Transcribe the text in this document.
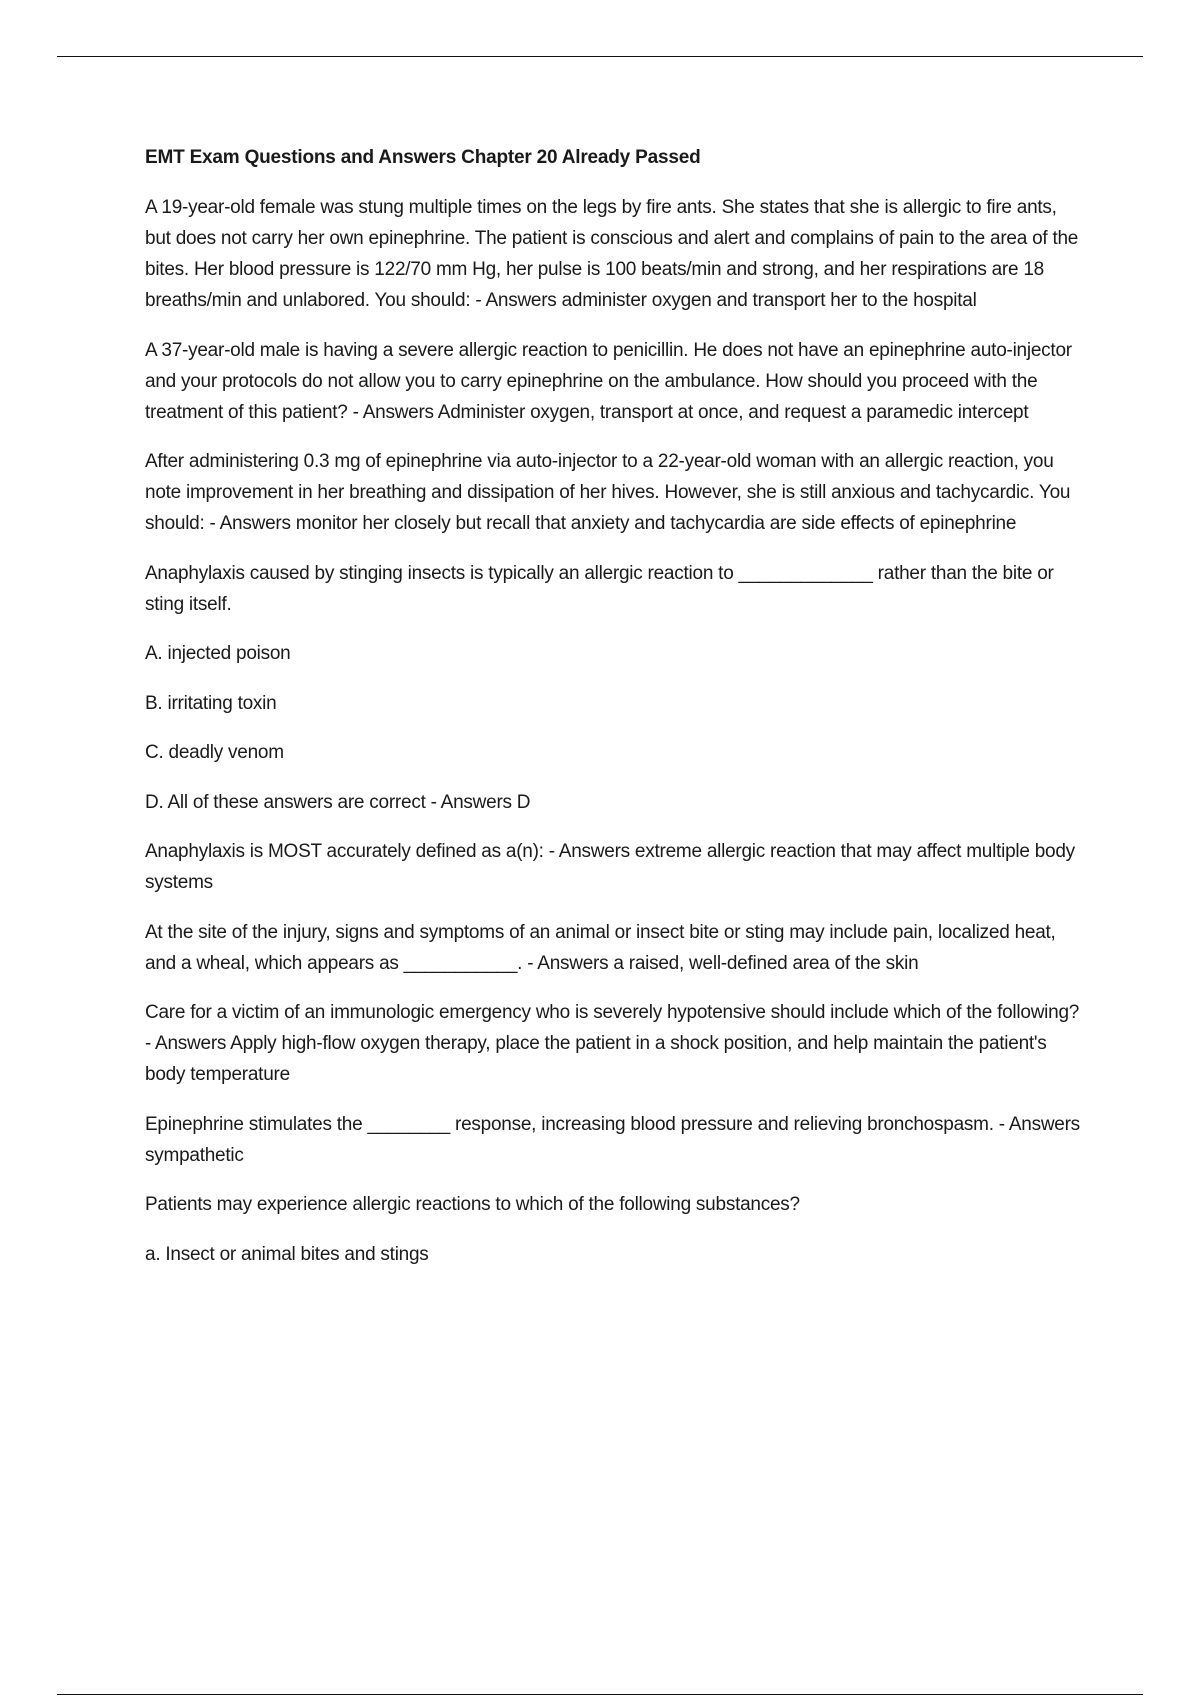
EMT Exam Questions and Answers Chapter 20 Already Passed

A 19-year-old female was stung multiple times on the legs by fire ants. She states that she is allergic to fire ants, but does not carry her own epinephrine. The patient is conscious and alert and complains of pain to the area of the bites. Her blood pressure is 122/70 mm Hg, her pulse is 100 beats/min and strong, and her respirations are 18 breaths/min and unlabored. You should: - Answers administer oxygen and transport her to the hospital

A 37-year-old male is having a severe allergic reaction to penicillin. He does not have an epinephrine auto-injector and your protocols do not allow you to carry epinephrine on the ambulance. How should you proceed with the treatment of this patient? - Answers Administer oxygen, transport at once, and request a paramedic intercept

After administering 0.3 mg of epinephrine via auto-injector to a 22-year-old woman with an allergic reaction, you note improvement in her breathing and dissipation of her hives. However, she is still anxious and tachycardic. You should: - Answers monitor her closely but recall that anxiety and tachycardia are side effects of epinephrine

Anaphylaxis caused by stinging insects is typically an allergic reaction to _____________ rather than the bite or sting itself.

A. injected poison

B. irritating toxin

C. deadly venom

D. All of these answers are correct - Answers D

Anaphylaxis is MOST accurately defined as a(n): - Answers extreme allergic reaction that may affect multiple body systems

At the site of the injury, signs and symptoms of an animal or insect bite or sting may include pain, localized heat, and a wheal, which appears as ___________. - Answers a raised, well-defined area of the skin

Care for a victim of an immunologic emergency who is severely hypotensive should include which of the following? - Answers Apply high-flow oxygen therapy, place the patient in a shock position, and help maintain the patient's body temperature

Epinephrine stimulates the ________ response, increasing blood pressure and relieving bronchospasm. - Answers sympathetic

Patients may experience allergic reactions to which of the following substances?

a. Insect or animal bites and stings
